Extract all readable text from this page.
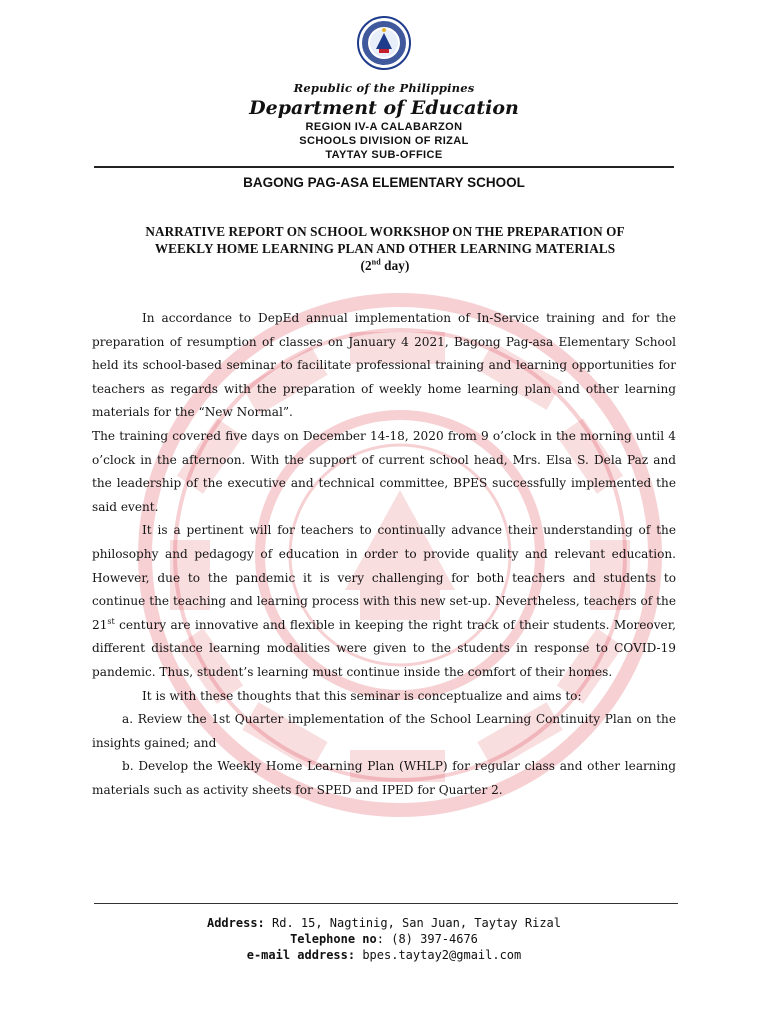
Republic of the Philippines
Department of Education
REGION IV-A CALABARZON
SCHOOLS DIVISION OF RIZAL
TAYTAY SUB-OFFICE
BAGONG PAG-ASA ELEMENTARY SCHOOL
NARRATIVE REPORT ON SCHOOL WORKSHOP ON THE PREPARATION OF
WEEKLY HOME LEARNING PLAN AND OTHER LEARNING MATERIALS
(2nd day)

In accordance to DepEd annual implementation of In-Service training and for the preparation of resumption of classes on January 4 2021, Bagong Pag-asa Elementary School held its school-based seminar to facilitate professional training and learning opportunities for teachers as regards with the preparation of weekly home learning plan and other learning materials for the “New Normal”.

The training covered five days on December 14-18, 2020 from 9 o’clock in the morning until 4 o’clock in the afternoon. With the support of current school head, Mrs. Elsa S. Dela Paz and the leadership of the executive and technical committee, BPES successfully implemented the said event.

It is a pertinent will for teachers to continually advance their understanding of the philosophy and pedagogy of education in order to provide quality and relevant education. However, due to the pandemic it is very challenging for both teachers and students to continue the teaching and learning process with this new set-up. Nevertheless, teachers of the 21st century are innovative and flexible in keeping the right track of their students. Moreover, different distance learning modalities were given to the students in response to COVID-19 pandemic. Thus, student’s learning must continue inside the comfort of their homes.

It is with these thoughts that this seminar is conceptualize and aims to:

a. Review the 1st Quarter implementation of the School Learning Continuity Plan on the insights gained; and

b. Develop the Weekly Home Learning Plan (WHLP) for regular class and other learning materials such as activity sheets for SPED and IPED for Quarter 2.

Address: Rd. 15, Nagtinig, San Juan, Taytay Rizal
Telephone no: (8) 397-4676
e-mail address: bpes.taytay2@gmail.com
